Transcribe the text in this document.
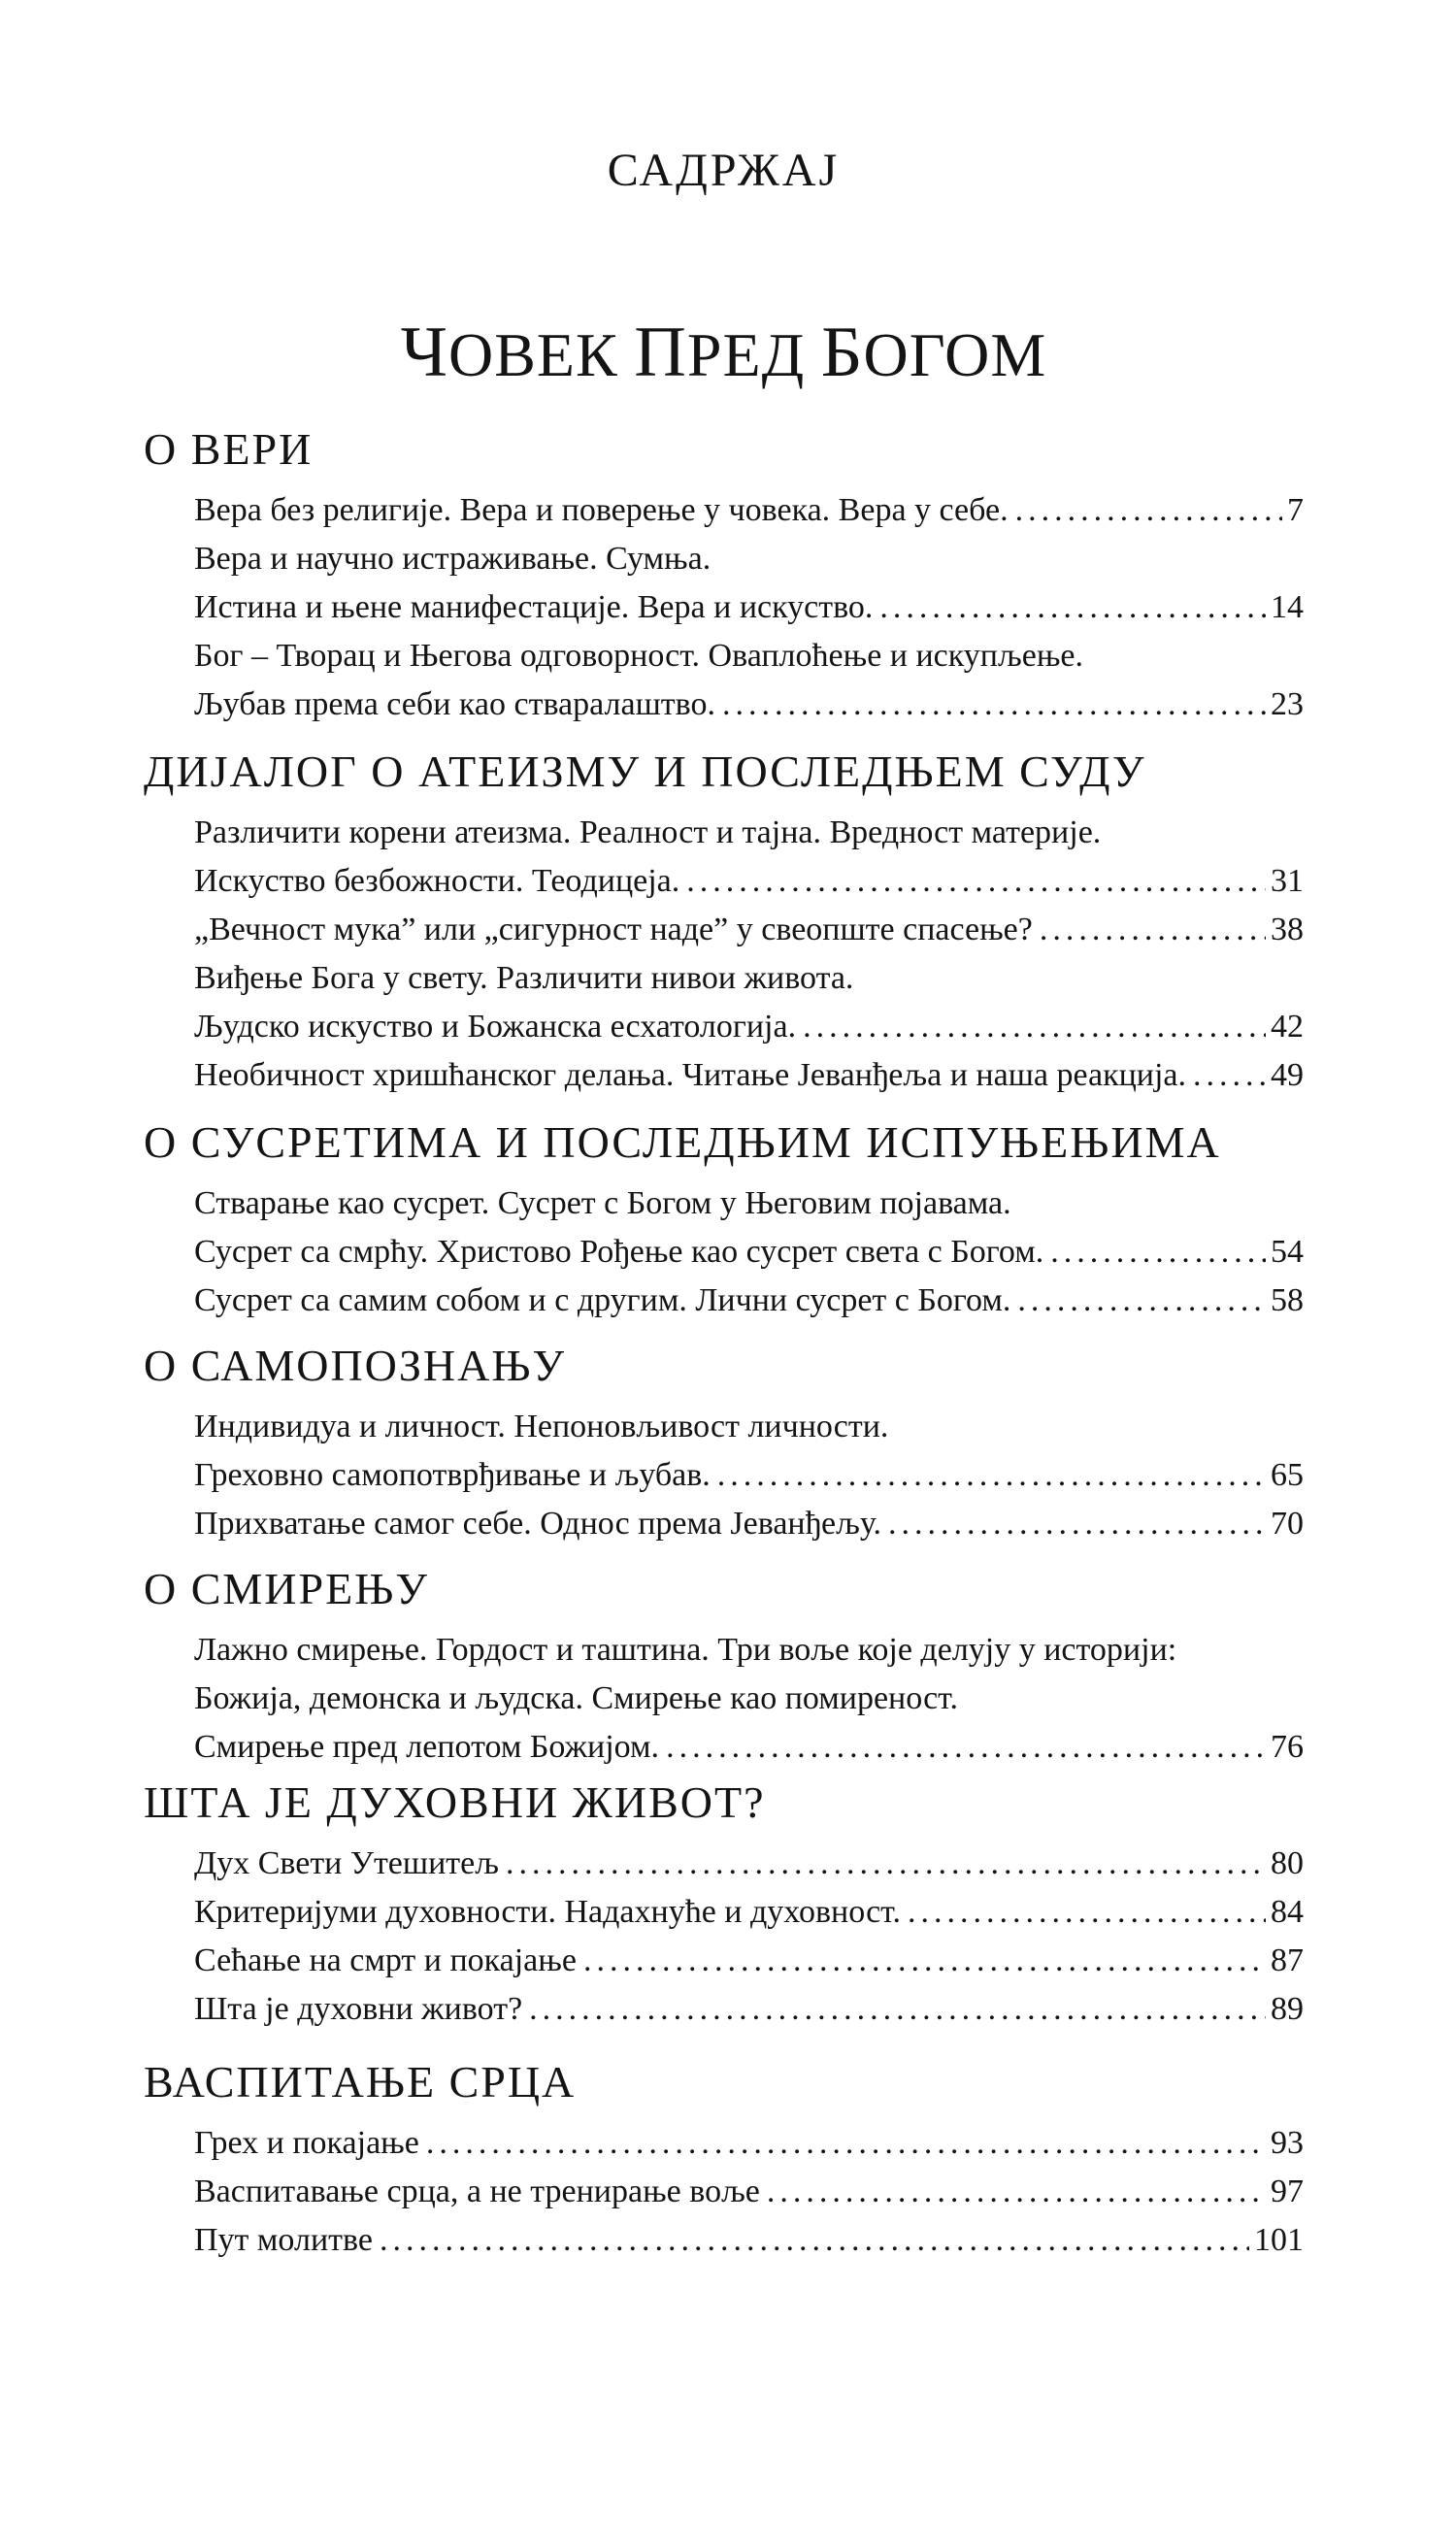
САДРЖАЈ
ЧОВЕК ПРЕД БОГОМ
О ВЕРИ
Вера без религије. Вера и поверење у човека. Вера у себе. .....	7
Вера и научно истраживање. Сумња.
Истина и њене манифестације. Вера и искуство. .....	14
Бог – Творац и Његова одговорност. Оваплоћење и искупљење.
Љубав према себи као стваралаштво. .....	23
ДИЈАЛОГ О АТЕИЗМУ И ПОСЛЕДЊЕМ СУДУ
Различити корени атеизма. Реалност и тајна. Вредност материје.
Искуство безбожности. Теодицеја. .....	31
„Вечност мука” или „сигурност наде” у свеопште спасење? .....	38
Виђење Бога у свету. Различити нивои живота.
Људско искуство и Божанска есхатологија. .....	42
Необичност хришћанског делања. Читање Јеванђеља и наша реакција. .....	49
О СУСРЕТИМА И ПОСЛЕДЊИМ ИСПУЊЕЊИМА
Стварање као сусрет. Сусрет с Богом у Његовим појавама.
Сусрет са смрћу. Христово Рођење као сусрет света с Богом. .....	54
Сусрет са самим собом и с другим. Лични сусрет с Богом. .....	58
О САМОПОЗНАЊУ
Индивидуа и личност. Непоновљивост личности.
Греховно самопотврђивање и љубав. .....	65
Прихватање самог себе. Однос према Јеванђељу. .....	70
О СМИРЕЊУ
Лажно смирење. Гордост и таштина. Три воље које делују у историји:
Божија, демонска и људска. Смирење као помиреност.
Смирење пред лепотом Божијом. .....	76
ШТА ЈЕ ДУХОВНИ ЖИВОТ?
Дух Свети Утешитељ .....	80
Критеријуми духовности. Надахнуће и духовност. .....	84
Сећање на смрт и покајање .....	87
Шта је духовни живот? .....	89
ВАСПИТАЊЕ СРЦА
Грех и покајање .....	93
Васпитавање срца, а не тренирање воље .....	97
Пут молитве .....	101
